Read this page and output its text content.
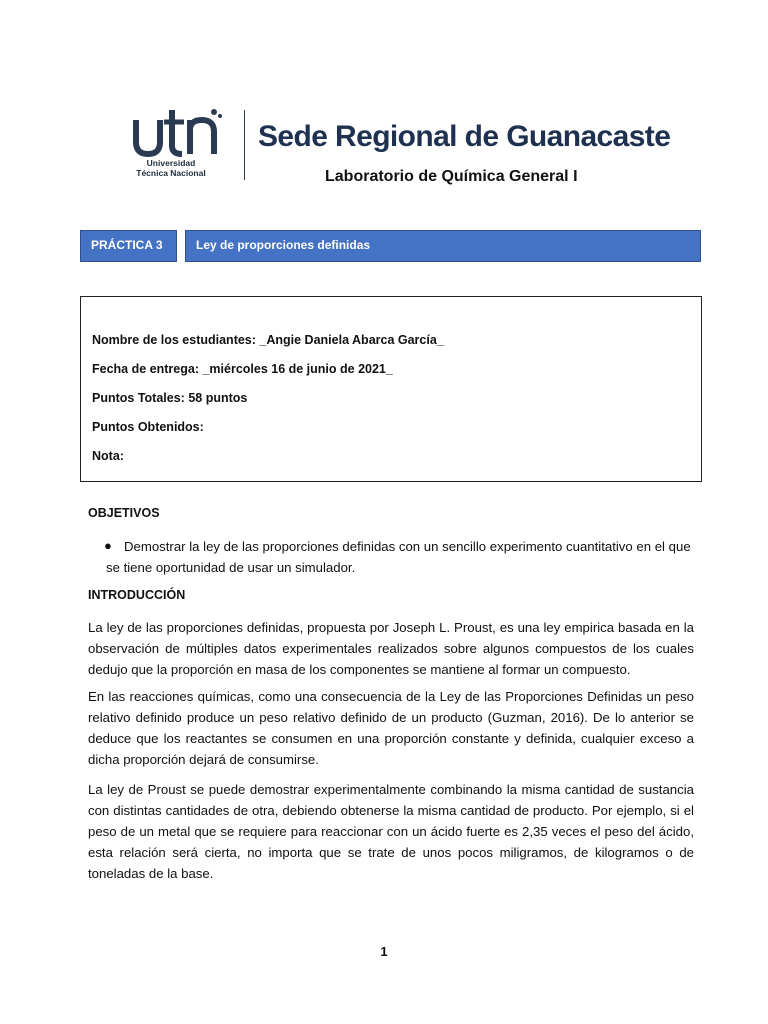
Universidad
Técnica Nacional
Sede Regional de Guanacaste
Laboratorio de Química General I
PRÁCTICA 3	Ley de proporciones definidas
Nombre de los estudiantes: _Angie Daniela Abarca García_
Fecha de entrega: _miércoles 16 de junio de 2021_
Puntos Totales: 58 puntos
Puntos Obtenidos:
Nota:
OBJETIVOS
● Demostrar la ley de las proporciones definidas con un sencillo experimento cuantitativo en el que se tiene oportunidad de usar un simulador.

INTRODUCCIÓN

La ley de las proporciones definidas, propuesta por Joseph L. Proust, es una ley empirica basada en la observación de múltiples datos experimentales realizados sobre algunos compuestos de los cuales dedujo que la proporción en masa de los componentes se mantiene al formar un compuesto.

En las reacciones químicas, como una consecuencia de la Ley de las Proporciones Definidas un peso relativo definido produce un peso relativo definido de un producto (Guzman, 2016). De lo anterior se deduce que los reactantes se consumen en una proporción constante y definida, cualquier exceso a dicha proporción dejará de consumirse.

La ley de Proust se puede demostrar experimentalmente combinando la misma cantidad de sustancia con distintas cantidades de otra, debiendo obtenerse la misma cantidad de producto. Por ejemplo, si el peso de un metal que se requiere para reaccionar con un ácido fuerte es 2,35 veces el peso del ácido, esta relación será cierta, no importa que se trate de unos pocos miligramos, de kilogramos o de toneladas de la base.

1
